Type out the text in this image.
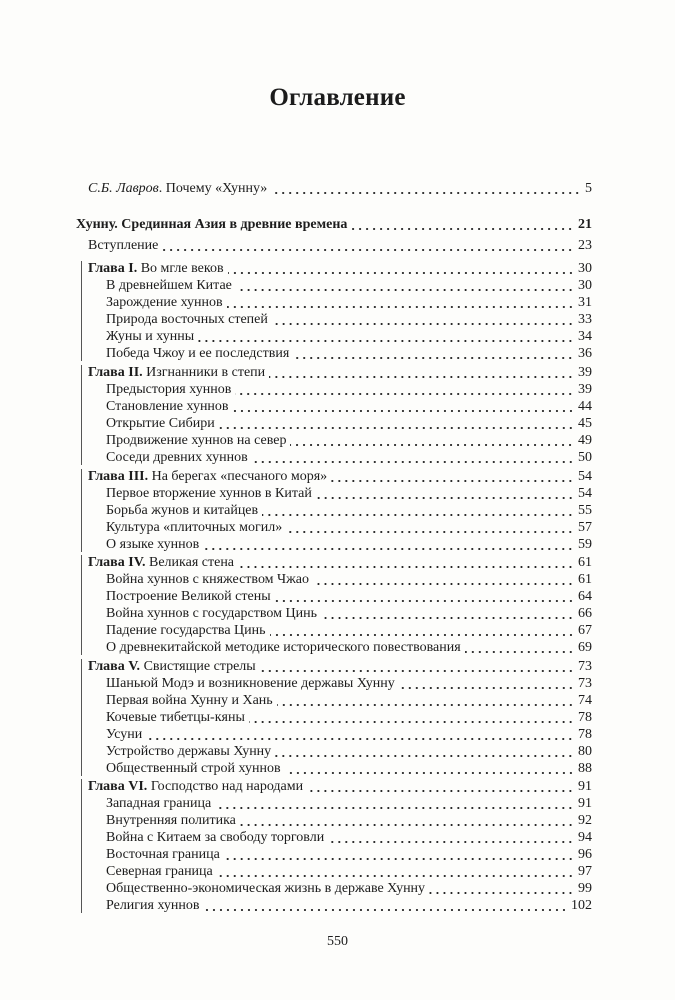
Оглавление
С.Б. Лавров. Почему «Хунну»	5
Хунну. Срединная Азия в древние времена	21
Вступление	23
Глава I. Во мгле веков	30
В древнейшем Китае	30
Зарождение хуннов	31
Природа восточных степей	33
Жуны и хунны	34
Победа Чжоу и ее последствия	36
Глава II. Изгнанники в степи	39
Предыстория хуннов	39
Становление хуннов	44
Открытие Сибири	45
Продвижение хуннов на север	49
Соседи древних хуннов	50
Глава III. На берегах «песчаного моря»	54
Первое вторжение хуннов в Китай	54
Борьба жунов и китайцев	55
Культура «плиточных могил»	57
О языке хуннов	59
Глава IV. Великая стена	61
Война хуннов с княжеством Чжао	61
Построение Великой стены	64
Война хуннов с государством Цинь	66
Падение государства Цинь	67
О древнекитайской методике исторического повествования	69
Глава V. Свистящие стрелы	73
Шаньюй Модэ и возникновение державы Хунну	73
Первая война Хунну и Хань	74
Кочевые тибетцы-кяны	78
Усуни	78
Устройство державы Хунну	80
Общественный строй хуннов	88
Глава VI. Господство над народами	91
Западная граница	91
Внутренняя политика	92
Война с Китаем за свободу торговли	94
Восточная граница	96
Северная граница	97
Общественно-экономическая жизнь в державе Хунну	99
Религия хуннов	102
550
